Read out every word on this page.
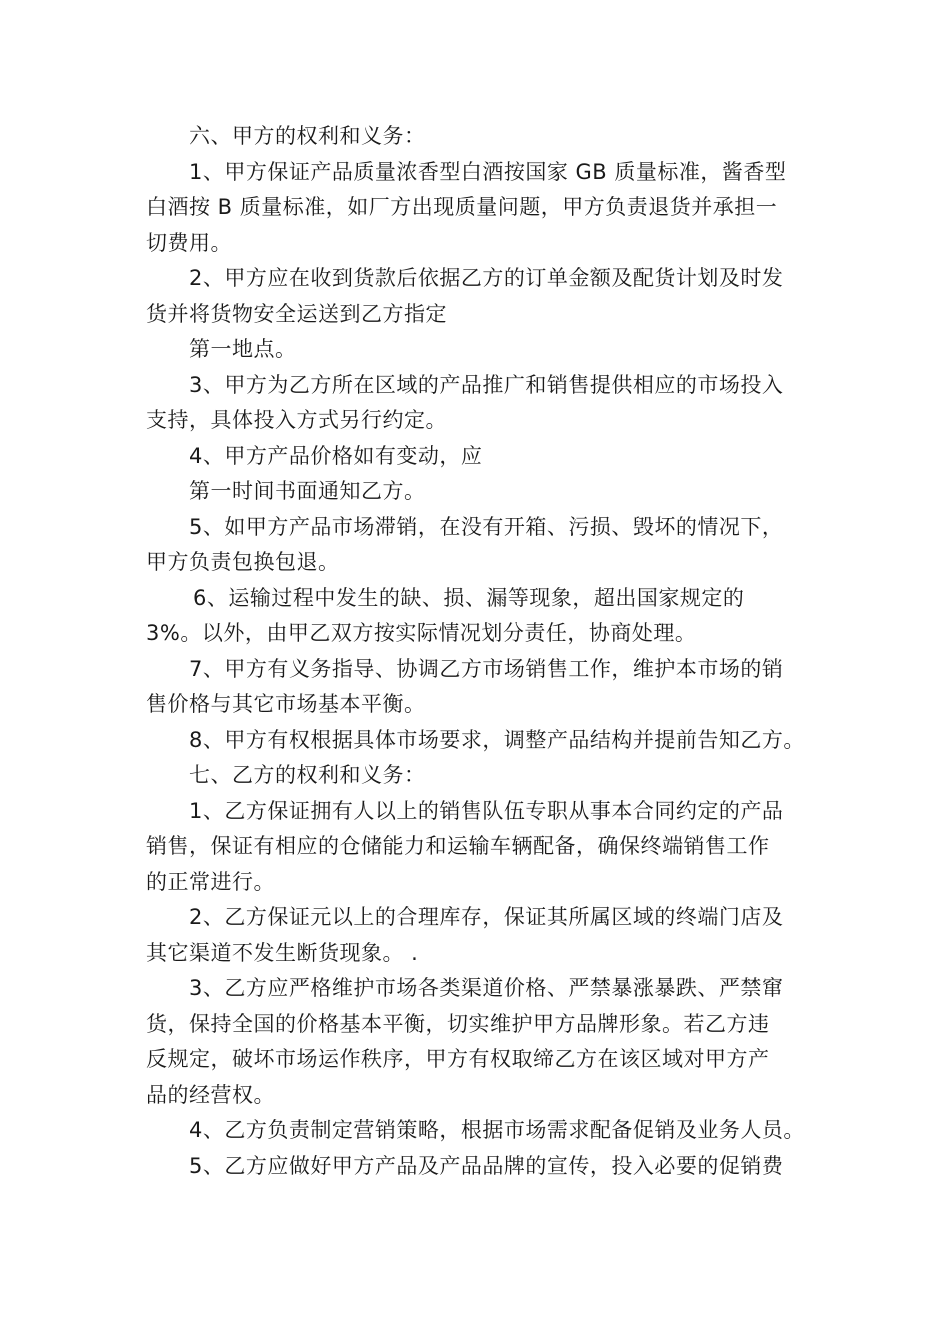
六、甲方的权利和义务：
1、甲方保证产品质量浓香型白酒按国家 GB 质量标准，酱香型
白酒按 B 质量标准，如厂方出现质量问题，甲方负责退货并承担一
切费用。
2、甲方应在收到货款后依据乙方的订单金额及配货计划及时发
货并将货物安全运送到乙方指定
第一地点。
3、甲方为乙方所在区域的产品推广和销售提供相应的市场投入
支持，具体投入方式另行约定。
4、甲方产品价格如有变动，应
第一时间书面通知乙方。
5、如甲方产品市场滞销，在没有开箱、污损、毁坏的情况下，
甲方负责包换包退。
6、运输过程中发生的缺、损、漏等现象，超出国家规定的
3%。以外，由甲乙双方按实际情况划分责任，协商处理。
7、甲方有义务指导、协调乙方市场销售工作，维护本市场的销
售价格与其它市场基本平衡。
8、甲方有权根据具体市场要求，调整产品结构并提前告知乙方。
七、乙方的权利和义务：
1、乙方保证拥有人以上的销售队伍专职从事本合同约定的产品
销售，保证有相应的仓储能力和运输车辆配备，确保终端销售工作
的正常进行。
2、乙方保证元以上的合理库存，保证其所属区域的终端门店及
其它渠道不发生断货现象。 .
3、乙方应严格维护市场各类渠道价格、严禁暴涨暴跌、严禁窜
货，保持全国的价格基本平衡，切实维护甲方品牌形象。若乙方违
反规定，破坏市场运作秩序，甲方有权取缔乙方在该区域对甲方产
品的经营权。
4、乙方负责制定营销策略，根据市场需求配备促销及业务人员。
5、乙方应做好甲方产品及产品品牌的宣传，投入必要的促销费
